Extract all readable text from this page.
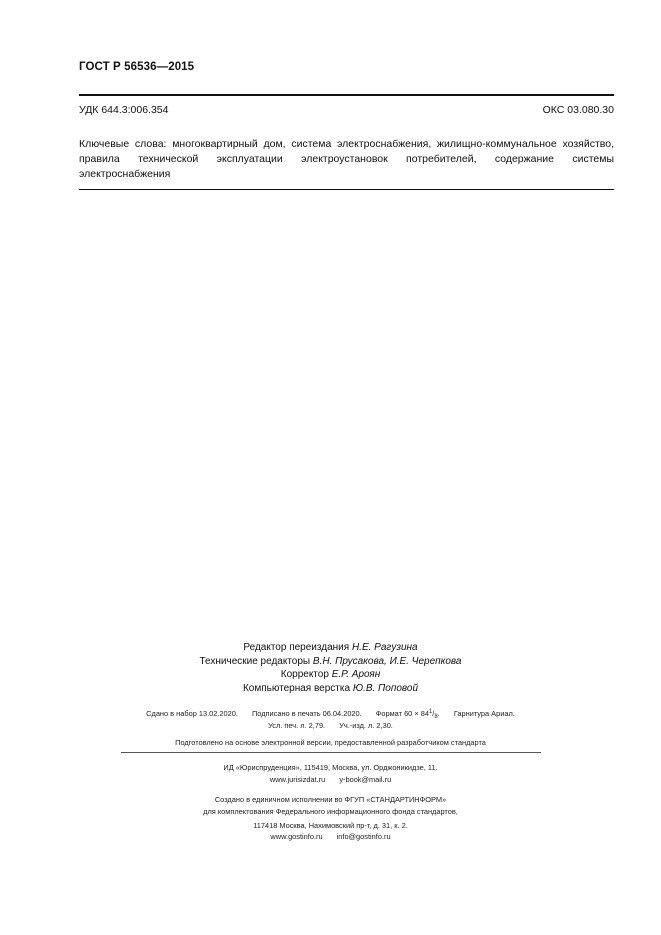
ГОСТ Р 56536—2015
УДК 644.3:006.354	ОКС 03.080.30
Ключевые слова: многоквартирный дом, система электроснабжения, жилищно-коммунальное хозяйство, правила технической эксплуатации электроустановок потребителей, содержание системы электроснабжения
Редактор переиздания Н.Е. Рагузина
Технические редакторы В.Н. Прусакова, И.Е. Черепкова
Корректор Е.Р. Ароян
Компьютерная верстка Ю.В. Поповой
Сдано в набор 13.02.2020. Подписано в печать 06.04.2020. Формат $60 \times 84^1/_8$. Гарнитура Ариал.
Усл. печ. л. 2,79. Уч.-изд. л. 2,30.
Подготовлено на основе электронной версии, предоставленной разработчиком стандарта
ИД «Юриспруденция», 115419, Москва, ул. Орджоникидзе, 11.
www.jurisizdat.ru y-book@mail.ru
Создано в единичном исполнении во ФГУП «СТАНДАРТИНФОРМ»
для комплектования Федерального информационного фонда стандартов,
117418 Москва, Нахимовский пр-т, д. 31, к. 2.
www.gostinfo.ru info@gostinfo.ru
